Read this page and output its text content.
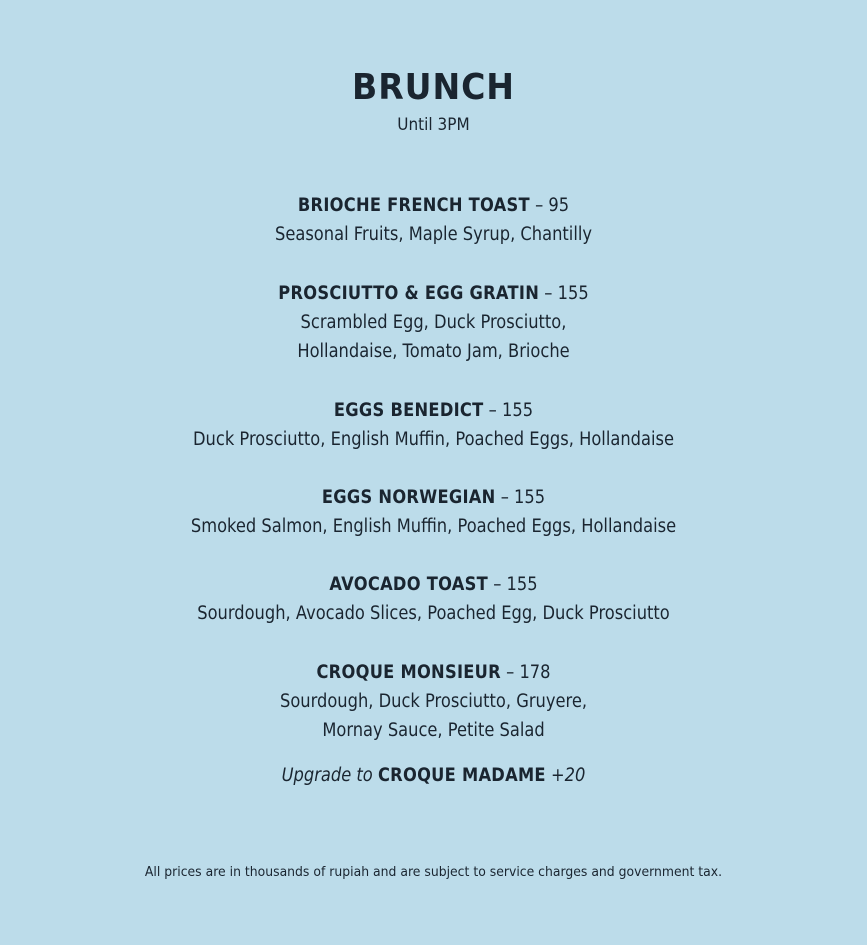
BRUNCH
Until 3PM
BRIOCHE FRENCH TOAST – 95
Seasonal Fruits, Maple Syrup, Chantilly
PROSCIUTTO & EGG GRATIN – 155
Scrambled Egg, Duck Prosciutto,
Hollandaise, Tomato Jam, Brioche
EGGS BENEDICT – 155
Duck Prosciutto, English Muffin, Poached Eggs, Hollandaise
EGGS NORWEGIAN – 155
Smoked Salmon, English Muffin, Poached Eggs, Hollandaise
AVOCADO TOAST – 155
Sourdough, Avocado Slices, Poached Egg, Duck Prosciutto
CROQUE MONSIEUR – 178
Sourdough, Duck Prosciutto, Gruyere,
Mornay Sauce, Petite Salad
Upgrade to CROQUE MADAME +20
All prices are in thousands of rupiah and are subject to service charges and government tax.
